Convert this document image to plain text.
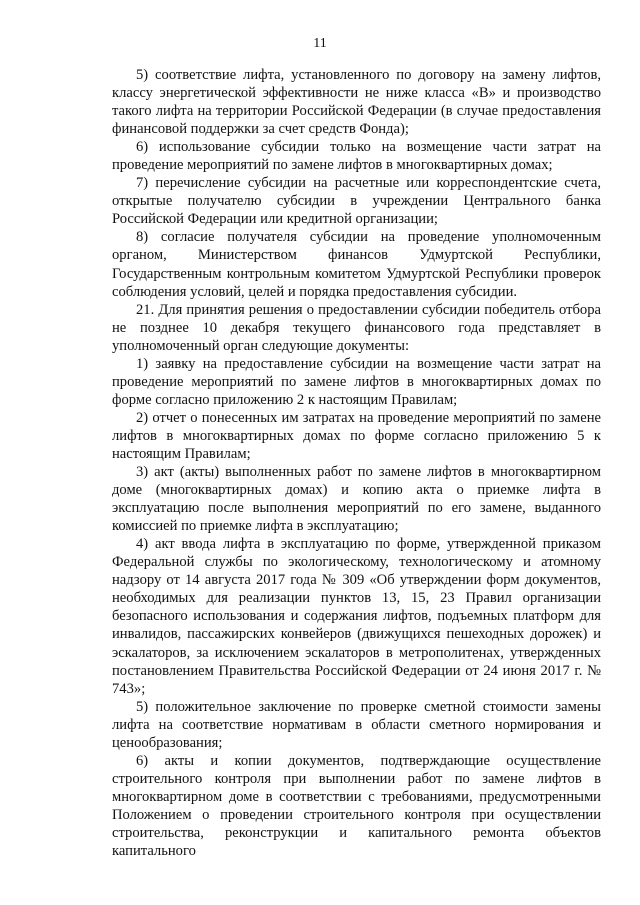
11

5) соответствие лифта, установленного по договору на замену лифтов, классу энергетической эффективности не ниже класса «В» и производство такого лифта на территории Российской Федерации (в случае предоставления финансовой поддержки за счет средств Фонда);

6) использование субсидии только на возмещение части затрат на проведение мероприятий по замене лифтов в многоквартирных домах;

7) перечисление субсидии на расчетные или корреспондентские счета, открытые получателю субсидии в учреждении Центрального банка Российской Федерации или кредитной организации;

8) согласие получателя субсидии на проведение уполномоченным органом, Министерством финансов Удмуртской Республики, Государственным контрольным комитетом Удмуртской Республики проверок соблюдения условий, целей и порядка предоставления субсидии.

21. Для принятия решения о предоставлении субсидии победитель отбора не позднее 10 декабря текущего финансового года представляет в уполномоченный орган следующие документы:

1) заявку на предоставление субсидии на возмещение части затрат на проведение мероприятий по замене лифтов в многоквартирных домах по форме согласно приложению 2 к настоящим Правилам;

2) отчет о понесенных им затратах на проведение мероприятий по замене лифтов в многоквартирных домах по форме согласно приложению 5 к настоящим Правилам;

3) акт (акты) выполненных работ по замене лифтов в многоквартирном доме (многоквартирных домах) и копию акта о приемке лифта в эксплуатацию после выполнения мероприятий по его замене, выданного комиссией по приемке лифта в эксплуатацию;

4) акт ввода лифта в эксплуатацию по форме, утвержденной приказом Федеральной службы по экологическому, технологическому и атомному надзору от 14 августа 2017 года № 309 «Об утверждении форм документов, необходимых для реализации пунктов 13, 15, 23 Правил организации безопасного использования и содержания лифтов, подъемных платформ для инвалидов, пассажирских конвейеров (движущихся пешеходных дорожек) и эскалаторов, за исключением эскалаторов в метрополитенах, утвержденных постановлением Правительства Российской Федерации от 24 июня 2017 г. № 743»;

5) положительное заключение по проверке сметной стоимости замены лифта на соответствие нормативам в области сметного нормирования и ценообразования;

6) акты и копии документов, подтверждающие осуществление строительного контроля при выполнении работ по замене лифтов в многоквартирном доме в соответствии с требованиями, предусмотренными Положением о проведении строительного контроля при осуществлении строительства, реконструкции и капитального ремонта объектов капитального
